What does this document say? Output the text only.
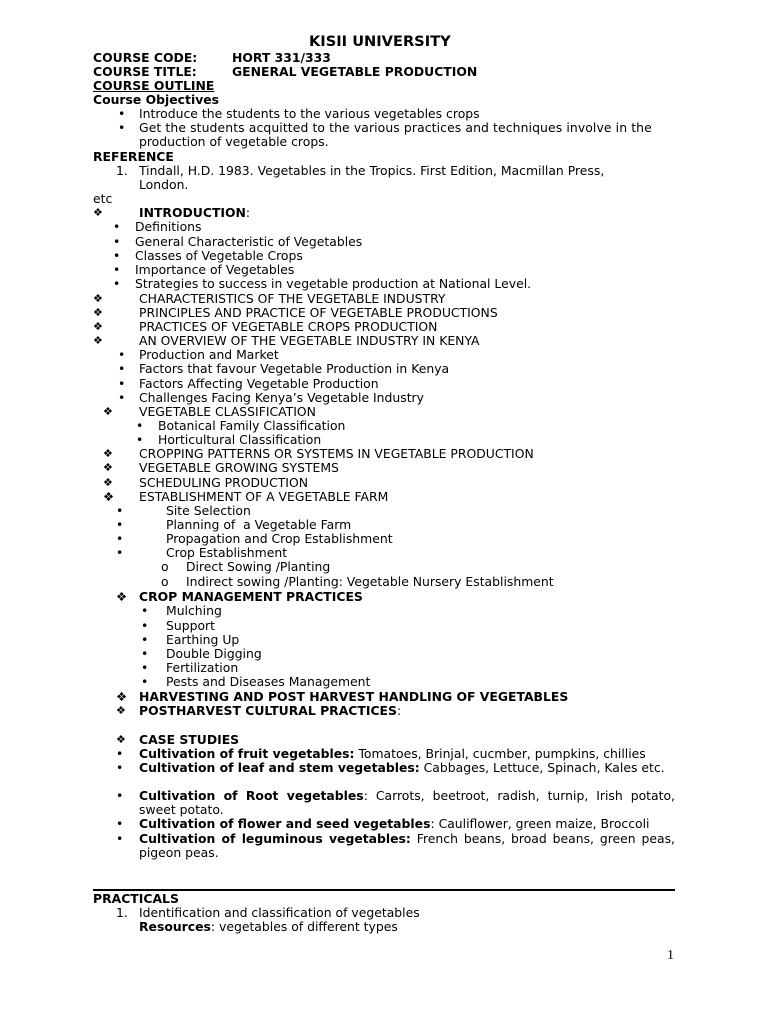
KISII UNIVERSITY
COURSE CODE:	HORT 331/333
COURSE TITLE:	GENERAL VEGETABLE PRODUCTION
COURSE OUTLINE
Course Objectives
• Introduce the students to the various vegetables crops
• Get the students acquitted to the various practices and techniques involve in the
production of vegetable crops.
REFERENCE
1. Tindall, H.D. 1983. Vegetables in the Tropics. First Edition, Macmillan Press,
London.
etc
❖	INTRODUCTION:
• Definitions
• General Characteristic of Vegetables
• Classes of Vegetable Crops
• Importance of Vegetables
• Strategies to success in vegetable production at National Level.
❖	CHARACTERISTICS OF THE VEGETABLE INDUSTRY
❖	PRINCIPLES AND PRACTICE OF VEGETABLE PRODUCTIONS
❖	PRACTICES OF VEGETABLE CROPS PRODUCTION
❖	AN OVERVIEW OF THE VEGETABLE INDUSTRY IN KENYA
• Production and Market
• Factors that favour Vegetable Production in Kenya
• Factors Affecting Vegetable Production
• Challenges Facing Kenya’s Vegetable Industry
❖ VEGETABLE CLASSIFICATION
• Botanical Family Classification
• Horticultural Classification
❖ CROPPING PATTERNS OR SYSTEMS IN VEGETABLE PRODUCTION
❖ VEGETABLE GROWING SYSTEMS
❖ SCHEDULING PRODUCTION
❖ ESTABLISHMENT OF A VEGETABLE FARM
•	Site Selection
•	Planning of  a Vegetable Farm
•	Propagation and Crop Establishment
•	Crop Establishment
o Direct Sowing /Planting
o Indirect sowing /Planting: Vegetable Nursery Establishment
❖ CROP MANAGEMENT PRACTICES
• Mulching
• Support
• Earthing Up
• Double Digging
• Fertilization
• Pests and Diseases Management
❖ HARVESTING AND POST HARVEST HANDLING OF VEGETABLES
❖ POSTHARVEST CULTURAL PRACTICES:
❖ CASE STUDIES
• Cultivation of fruit vegetables: Tomatoes, Brinjal, cucmber, pumpkins, chillies
• Cultivation of leaf and stem vegetables: Cabbages, Lettuce, Spinach, Kales etc.
• Cultivation of Root vegetables: Carrots, beetroot, radish, turnip, Irish potato, sweet potato.
• Cultivation of flower and seed vegetables: Cauliflower, green maize, Broccoli
• Cultivation of leguminous vegetables: French beans, broad beans, green peas, pigeon peas.
PRACTICALS
1. Identification and classification of vegetables
Resources: vegetables of different types
1
